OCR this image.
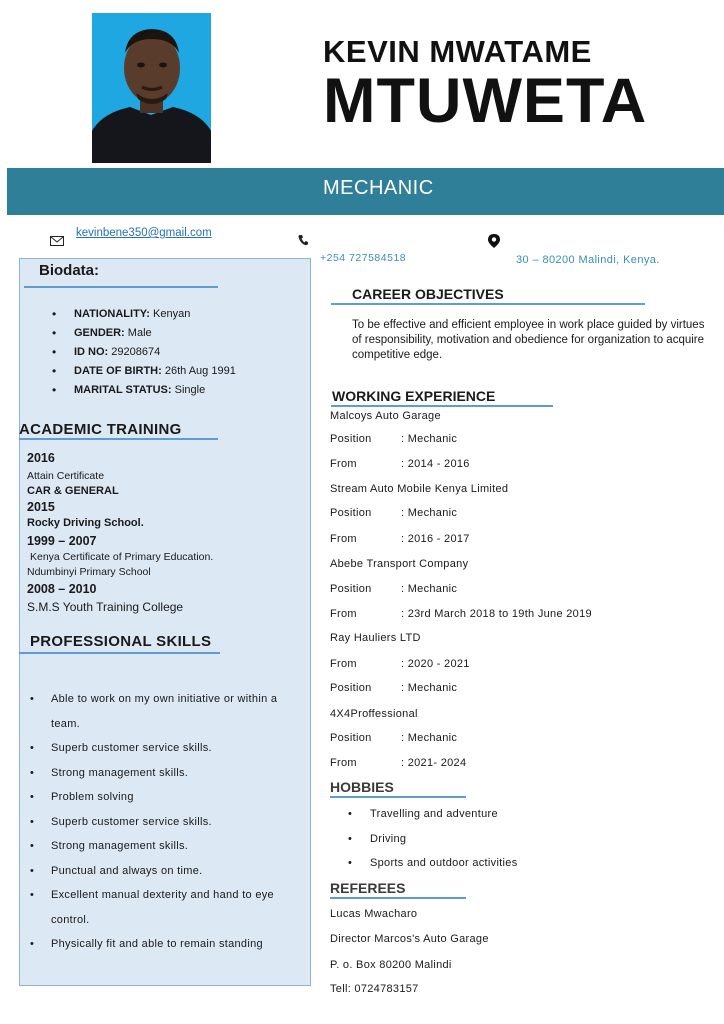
KEVIN MWATAME
MTUWETA
MECHANIC
kevinbene350@gmail.com
+254 727584518	30 – 80200 Malindi, Kenya.
Biodata:
• NATIONALITY: Kenyan
• GENDER: Male
• ID NO: 29208674
• DATE OF BIRTH: 26th Aug 1991
• MARITAL STATUS: Single
ACADEMIC TRAINING
2016
Attain Certificate
CAR & GENERAL
2015
Rocky Driving School.
1999 – 2007
Kenya Certificate of Primary Education.
Ndumbinyi Primary School
2008 – 2010
S.M.S Youth Training College
PROFESSIONAL SKILLS
• Able to work on my own initiative or within a team.
• Superb customer service skills.
• Strong management skills.
• Problem solving
• Superb customer service skills.
• Strong management skills.
• Punctual and always on time.
• Excellent manual dexterity and hand to eye control.
• Physically fit and able to remain standing
CAREER OBJECTIVES
To be effective and efficient employee in work place guided by virtues of responsibility, motivation and obedience for organization to acquire competitive edge.
WORKING EXPERIENCE
Malcoys Auto Garage
Position	: Mechanic
From	: 2014 - 2016
Stream Auto Mobile Kenya Limited
Position	: Mechanic
From	: 2016 - 2017
Abebe Transport Company
Position	: Mechanic
From	: 23rd March 2018 to 19th June 2019
Ray Hauliers LTD
From	: 2020 - 2021
Position	: Mechanic
4X4Proffessional
Position	: Mechanic
From	: 2021- 2024
HOBBIES
• Travelling and adventure
• Driving
• Sports and outdoor activities
REFEREES
Lucas Mwacharo
Director Marcos's Auto Garage
P. o. Box 80200 Malindi
Tell: 0724783157
